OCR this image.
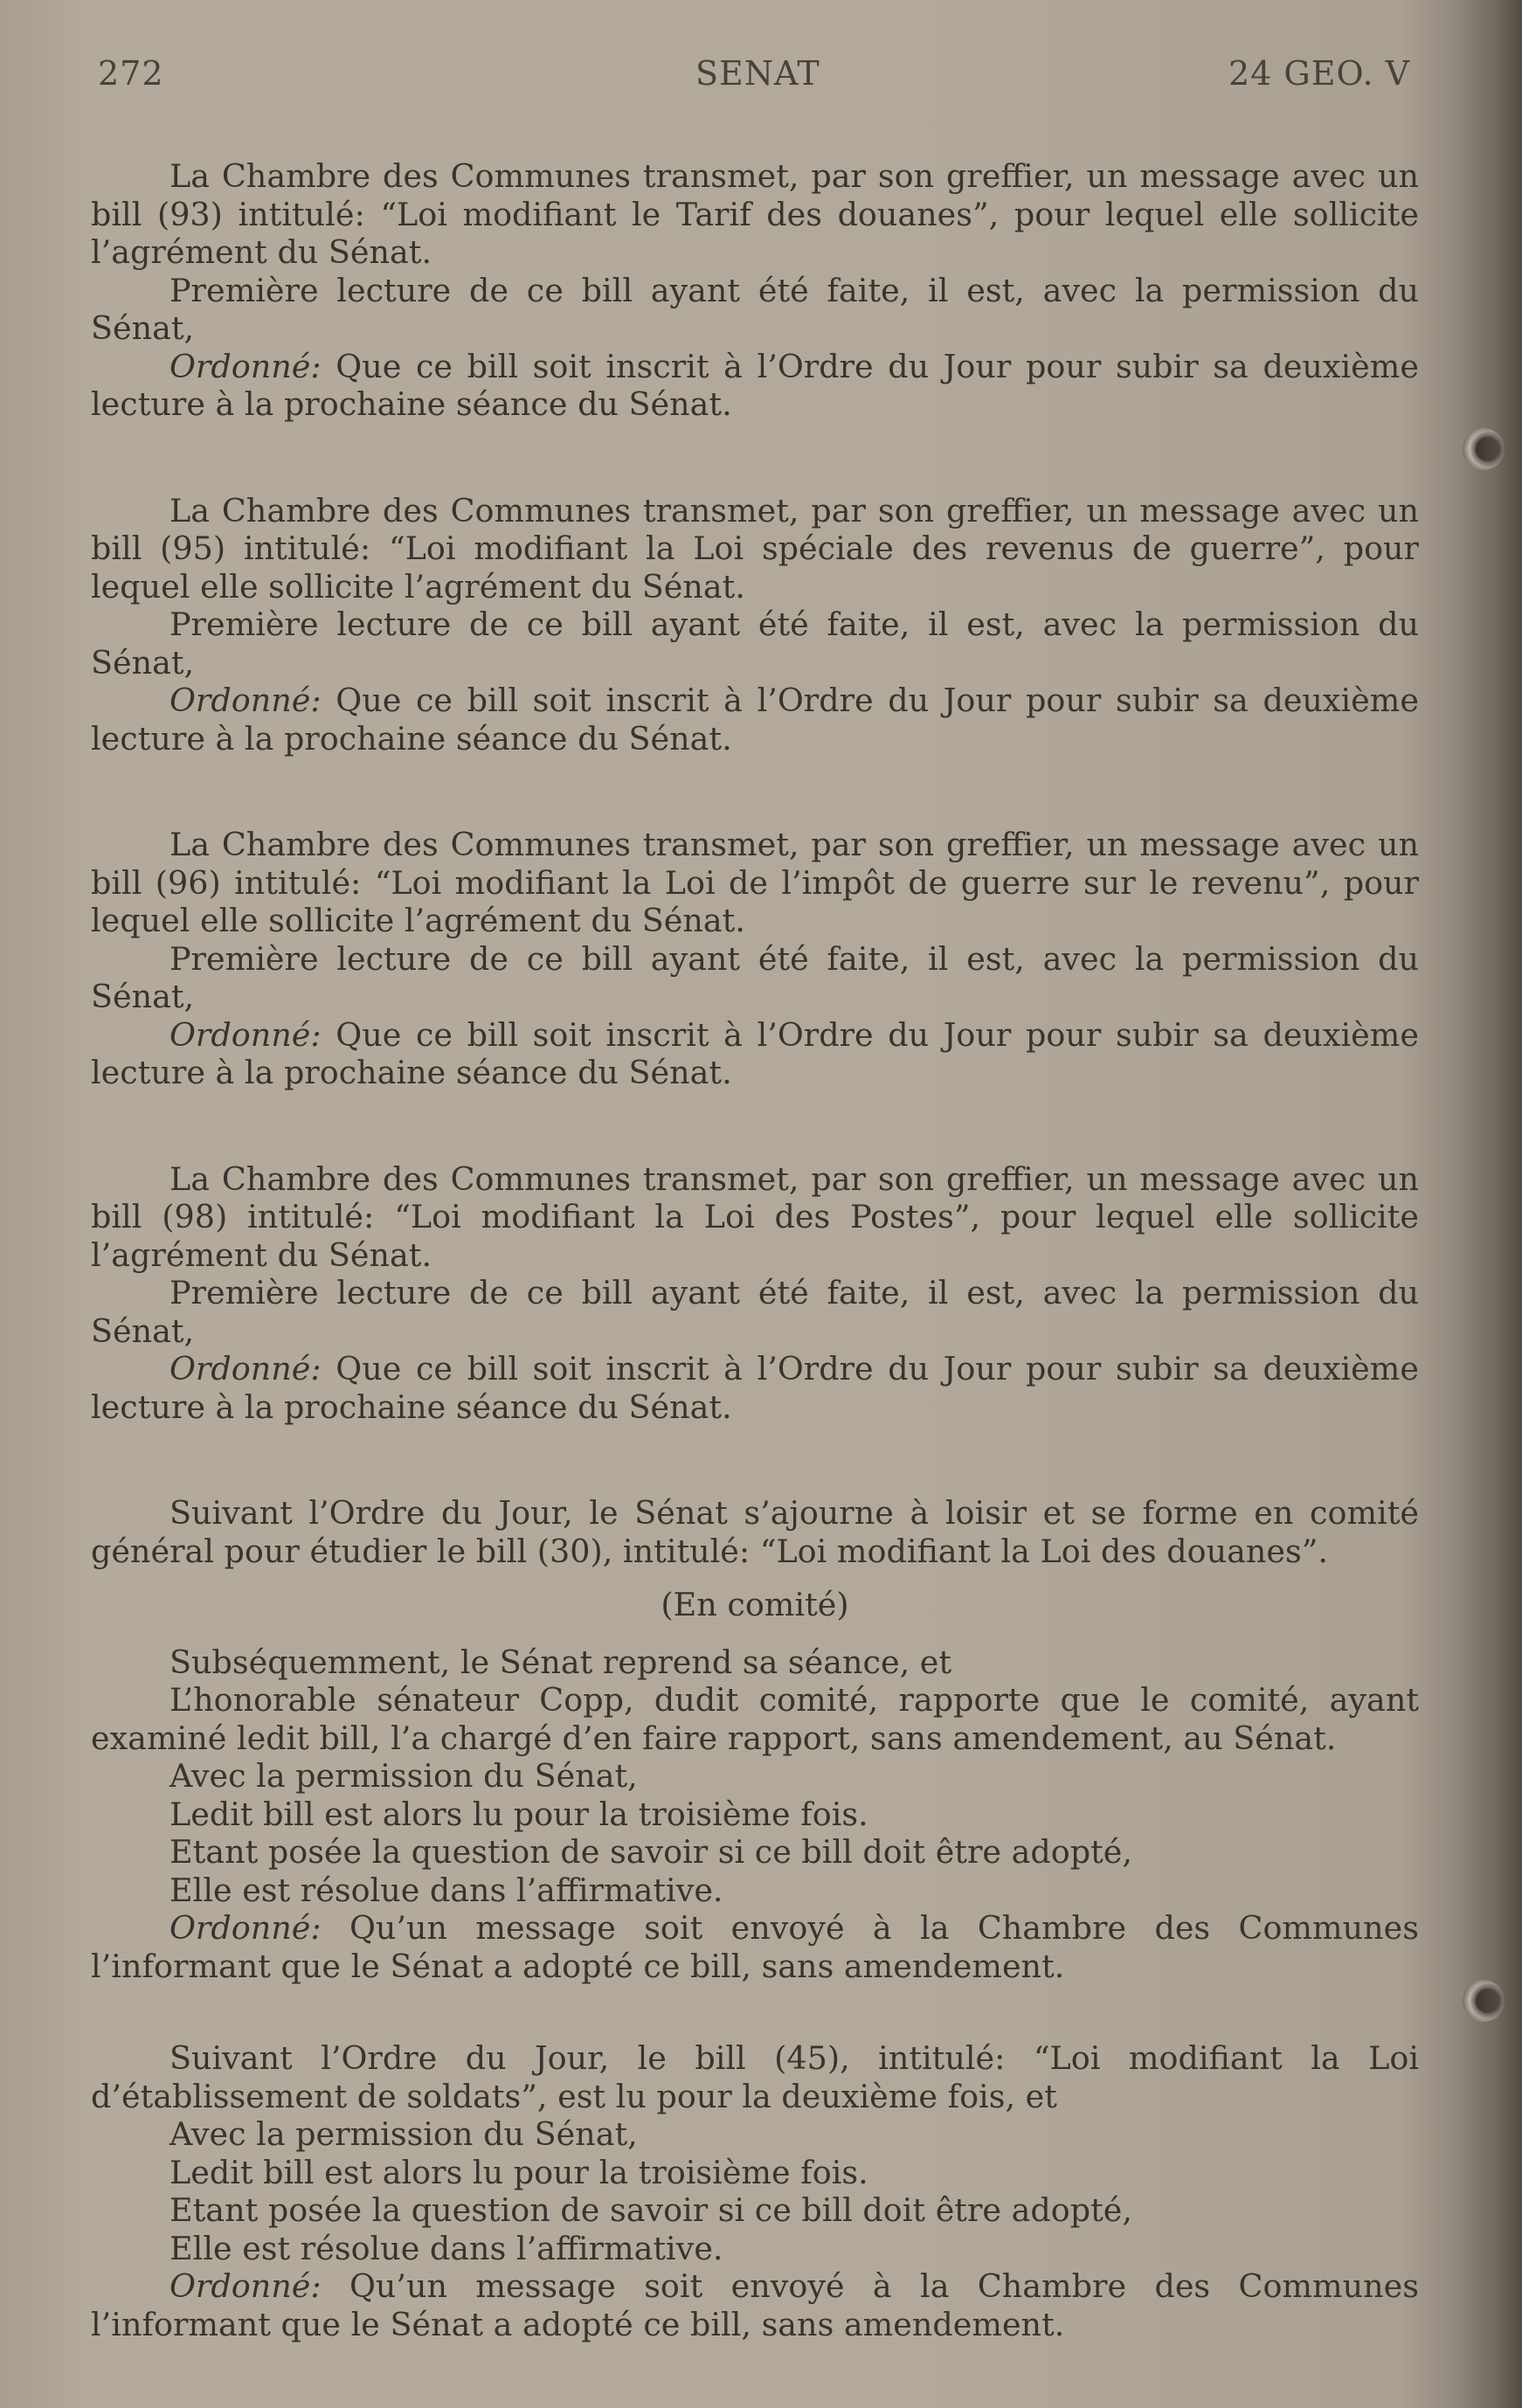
272	SENAT	24 GEO. V

La Chambre des Communes transmet, par son greffier, un message avec un bill (93) intitulé: “Loi modifiant le Tarif des douanes”, pour lequel elle sollicite l’agrément du Sénat.

Première lecture de ce bill ayant été faite, il est, avec la permission du Sénat,

Ordonné: Que ce bill soit inscrit à l’Ordre du Jour pour subir sa deuxième lecture à la prochaine séance du Sénat.

La Chambre des Communes transmet, par son greffier, un message avec un bill (95) intitulé: “Loi modifiant la Loi spéciale des revenus de guerre”, pour lequel elle sollicite l’agrément du Sénat.

Première lecture de ce bill ayant été faite, il est, avec la permission du Sénat,

Ordonné: Que ce bill soit inscrit à l’Ordre du Jour pour subir sa deuxième lecture à la prochaine séance du Sénat.

La Chambre des Communes transmet, par son greffier, un message avec un bill (96) intitulé: “Loi modifiant la Loi de l’impôt de guerre sur le revenu”, pour lequel elle sollicite l’agrément du Sénat.

Première lecture de ce bill ayant été faite, il est, avec la permission du Sénat,

Ordonné: Que ce bill soit inscrit à l’Ordre du Jour pour subir sa deuxième lecture à la prochaine séance du Sénat.

La Chambre des Communes transmet, par son greffier, un message avec un bill (98) intitulé: “Loi modifiant la Loi des Postes”, pour lequel elle sollicite l’agrément du Sénat.

Première lecture de ce bill ayant été faite, il est, avec la permission du Sénat,

Ordonné: Que ce bill soit inscrit à l’Ordre du Jour pour subir sa deuxième lecture à la prochaine séance du Sénat.

Suivant l’Ordre du Jour, le Sénat s’ajourne à loisir et se forme en comité général pour étudier le bill (30), intitulé: “Loi modifiant la Loi des douanes”.

(En comité)

Subséquemment, le Sénat reprend sa séance, et

L’honorable sénateur Copp, dudit comité, rapporte que le comité, ayant examiné ledit bill, l’a chargé d’en faire rapport, sans amendement, au Sénat.

Avec la permission du Sénat,

Ledit bill est alors lu pour la troisième fois.

Etant posée la question de savoir si ce bill doit être adopté,

Elle est résolue dans l’affirmative.

Ordonné: Qu’un message soit envoyé à la Chambre des Communes l’informant que le Sénat a adopté ce bill, sans amendement.

Suivant l’Ordre du Jour, le bill (45), intitulé: “Loi modifiant la Loi d’établissement de soldats”, est lu pour la deuxième fois, et

Avec la permission du Sénat,

Ledit bill est alors lu pour la troisième fois.

Etant posée la question de savoir si ce bill doit être adopté,

Elle est résolue dans l’affirmative.

Ordonné: Qu’un message soit envoyé à la Chambre des Communes l’informant que le Sénat a adopté ce bill, sans amendement.
